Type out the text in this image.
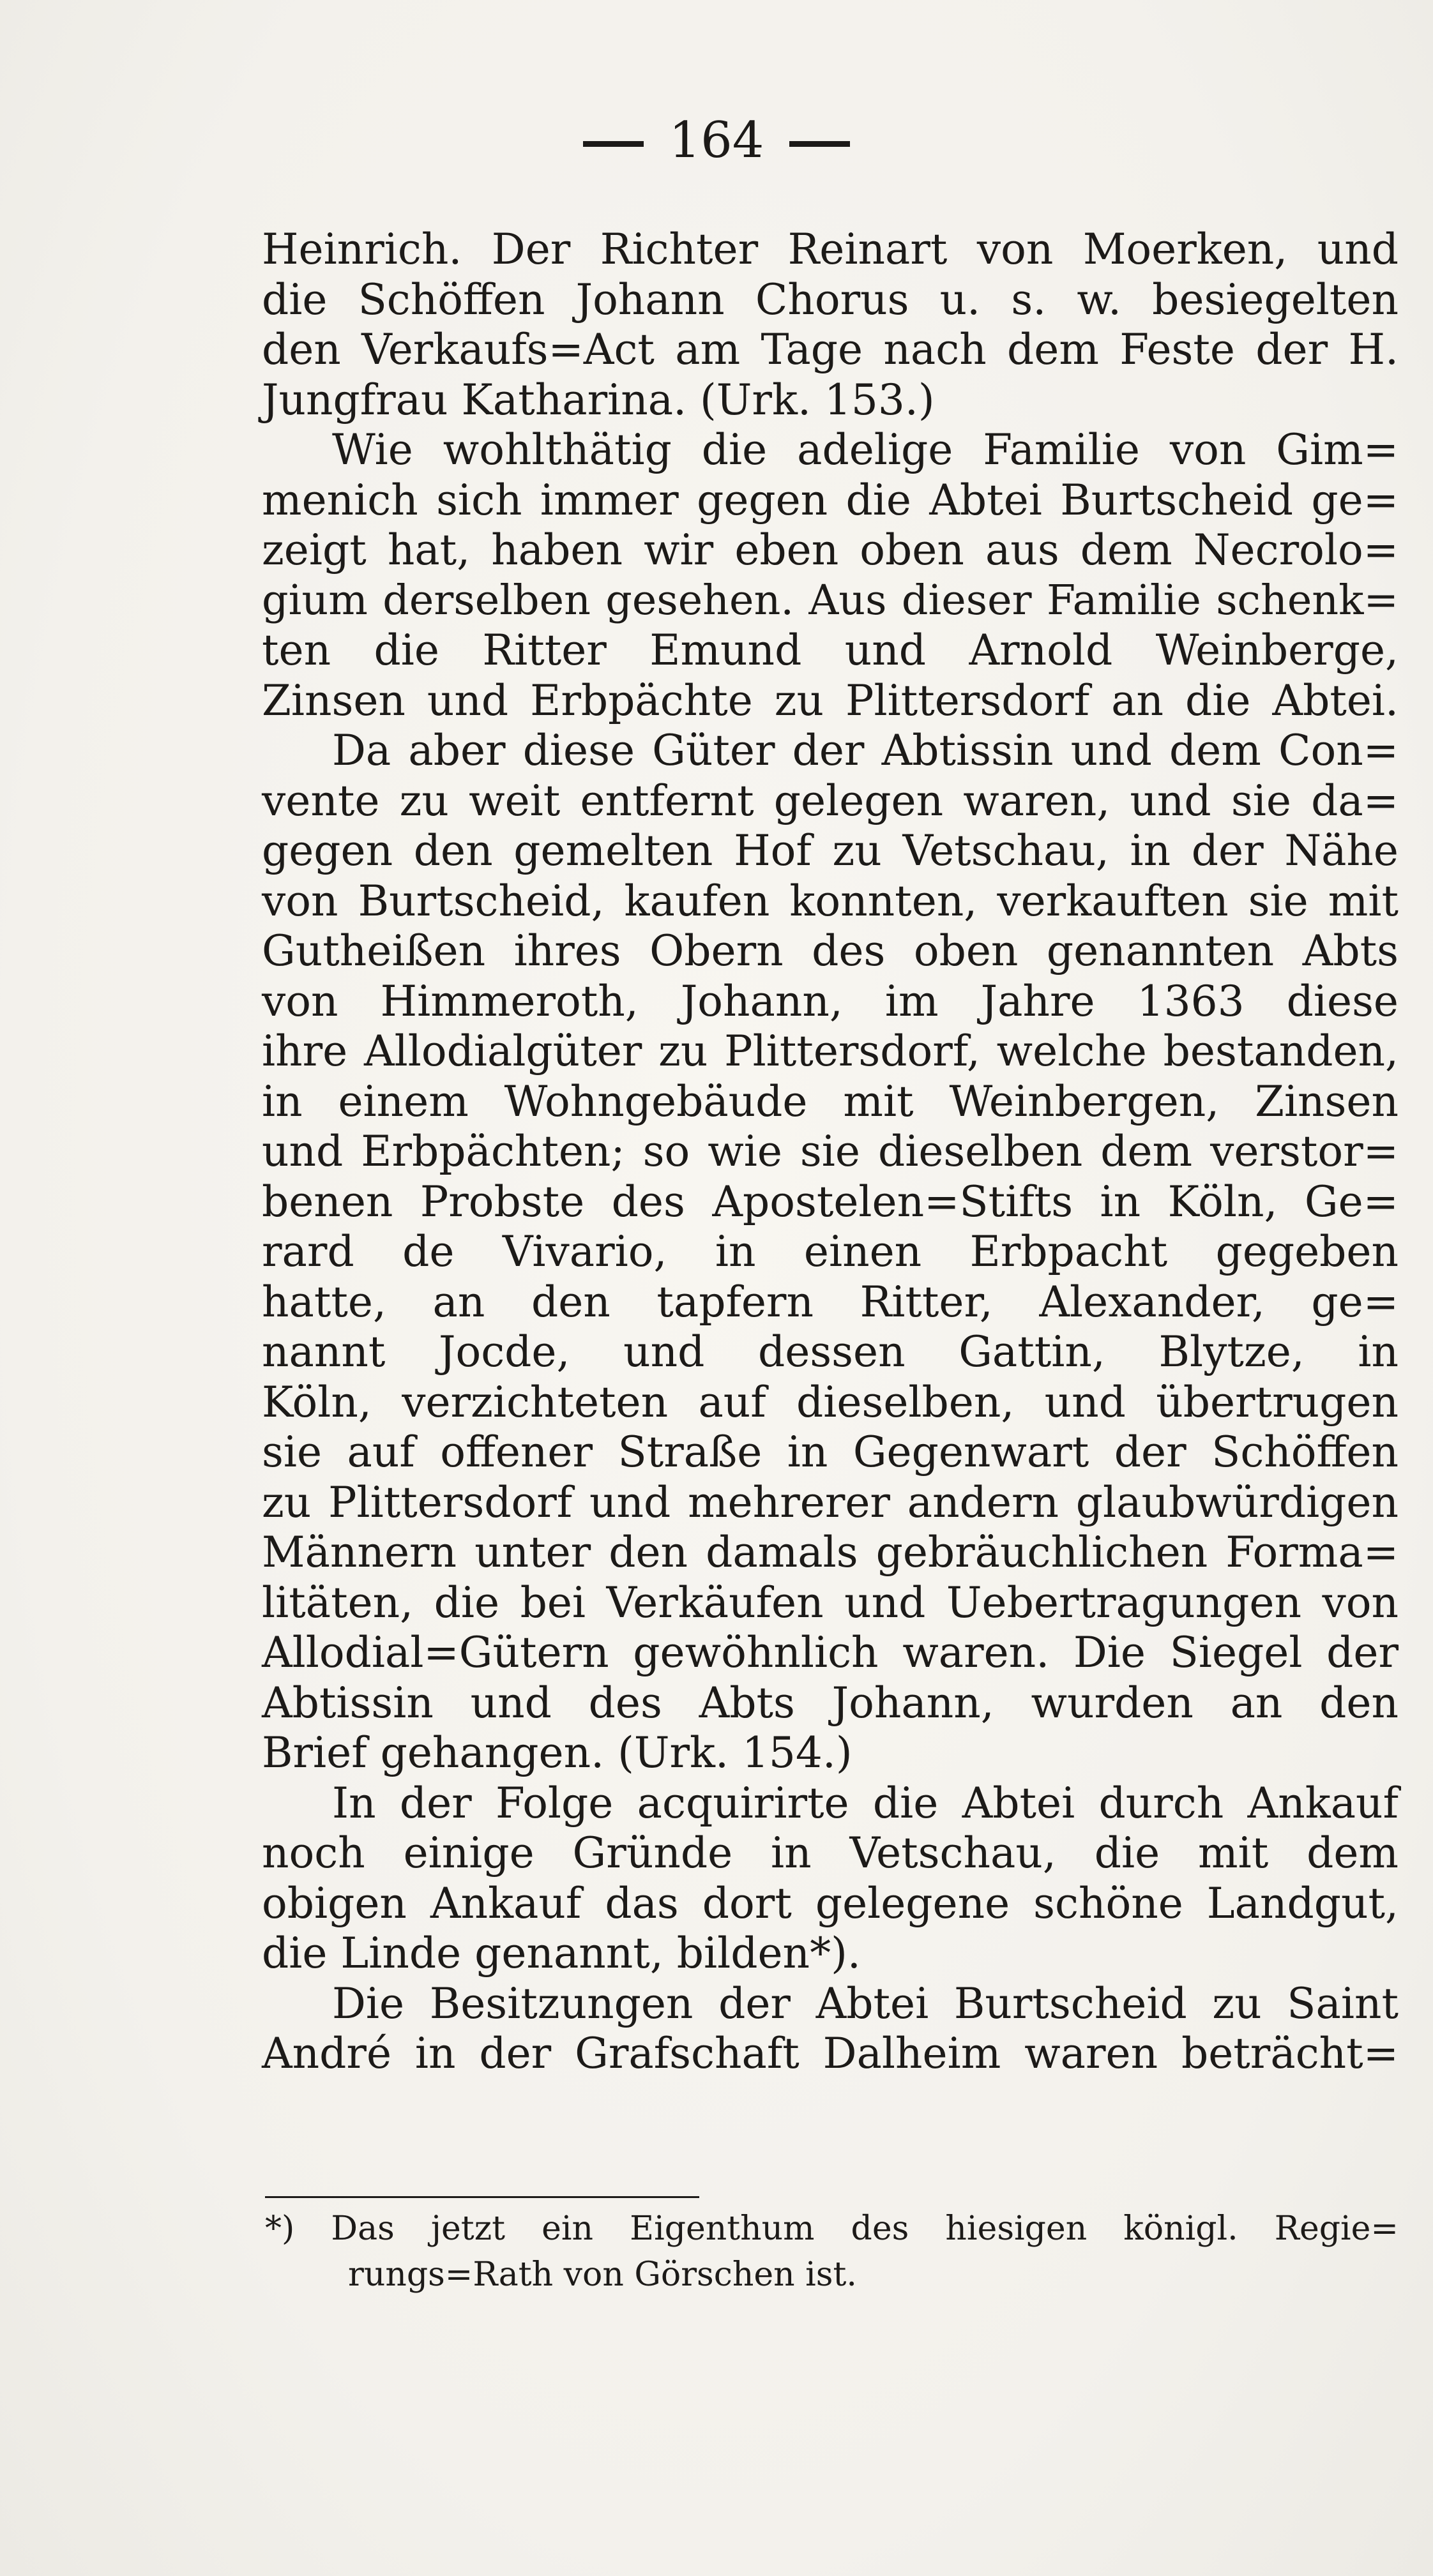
164
Heinrich. Der Richter Reinart von Moerken, und
die Schöffen Johann Chorus u. s. w. besiegelten
den Verkaufs=Act am Tage nach dem Feste der H.
Jungfrau Katharina. (Urk. 153.)
Wie wohlthätig die adelige Familie von Gim=
menich sich immer gegen die Abtei Burtscheid ge=
zeigt hat, haben wir eben oben aus dem Necrolo=
gium derselben gesehen. Aus dieser Familie schenk=
ten die Ritter Emund und Arnold Weinberge,
Zinsen und Erbpächte zu Plittersdorf an die Abtei.
Da aber diese Güter der Abtissin und dem Con=
vente zu weit entfernt gelegen waren, und sie da=
gegen den gemelten Hof zu Vetschau, in der Nähe
von Burtscheid, kaufen konnten, verkauften sie mit
Gutheißen ihres Obern des oben genannten Abts
von Himmeroth, Johann, im Jahre 1363 diese
ihre Allodialgüter zu Plittersdorf, welche bestanden,
in einem Wohngebäude mit Weinbergen, Zinsen
und Erbpächten; so wie sie dieselben dem verstor=
benen Probste des Apostelen=Stifts in Köln, Ge=
rard de Vivario, in einen Erbpacht gegeben
hatte, an den tapfern Ritter, Alexander, ge=
nannt Jocde, und dessen Gattin, Blytze, in
Köln, verzichteten auf dieselben, und übertrugen
sie auf offener Straße in Gegenwart der Schöffen
zu Plittersdorf und mehrerer andern glaubwürdigen
Männern unter den damals gebräuchlichen Forma=
litäten, die bei Verkäufen und Uebertragungen von
Allodial=Gütern gewöhnlich waren. Die Siegel der
Abtissin und des Abts Johann, wurden an den
Brief gehangen. (Urk. 154.)
In der Folge acquirirte die Abtei durch Ankauf
noch einige Gründe in Vetschau, die mit dem
obigen Ankauf das dort gelegene schöne Landgut,
die Linde genannt, bilden*).
Die Besitzungen der Abtei Burtscheid zu Saint
André in der Grafschaft Dalheim waren beträcht=
*) Das jetzt ein Eigenthum des hiesigen königl. Regie=
rungs=Rath von Görschen ist.
